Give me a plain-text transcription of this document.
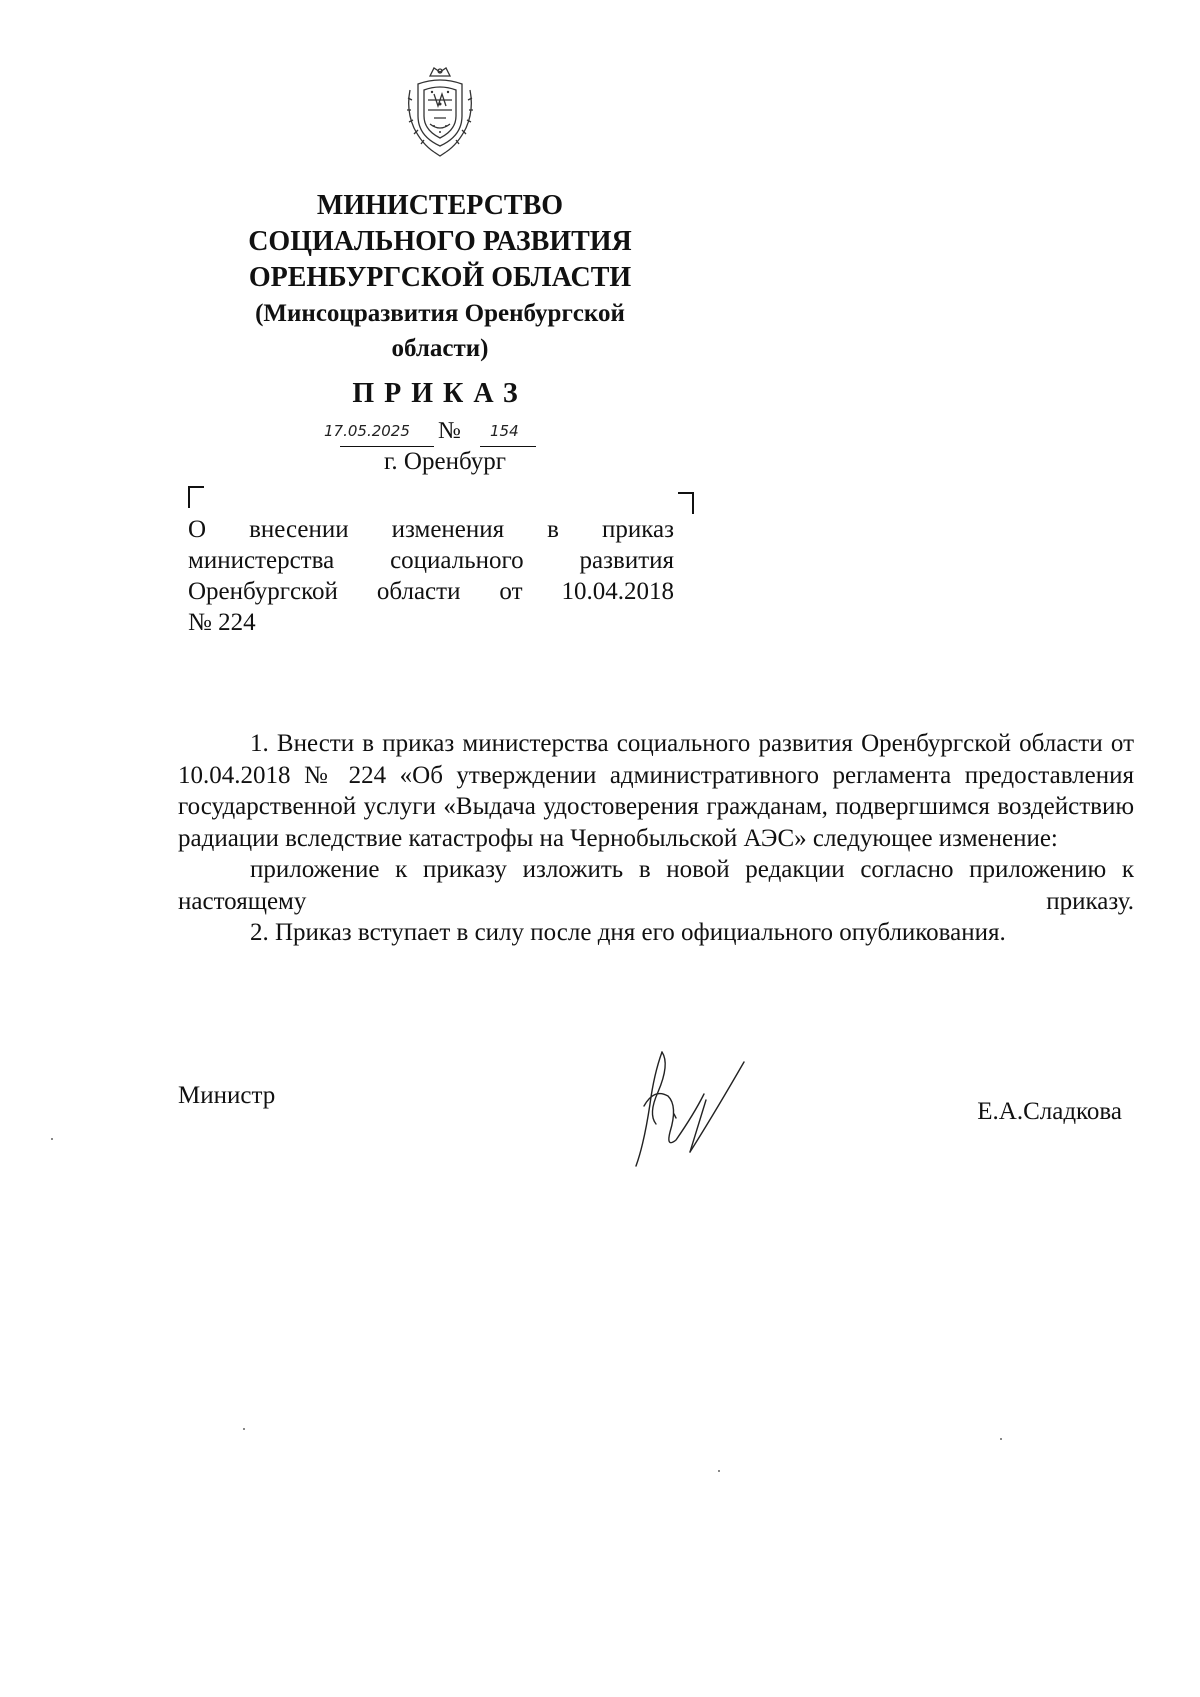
МИНИСТЕРСТВО
СОЦИАЛЬНОГО РАЗВИТИЯ
ОРЕНБУРГСКОЙ ОБЛАСТИ
(Минсоцразвития Оренбургской
области)
ПРИКАЗ
17.05.2025 № 154
г. Оренбург
О внесении изменения в приказ
министерства социального развития
Оренбургской области от 10.04.2018
№ 224

1. Внести в приказ министерства социального развития Оренбургской области от 10.04.2018 № 224 «Об утверждении административного регламента предоставления государственной услуги «Выдача удостоверения гражданам, подвергшимся воздействию радиации вследствие катастрофы на Чернобыльской АЭС» следующее изменение:

приложение к приказу изложить в новой редакции согласно приложению к настоящему приказу.

2. Приказ вступает в силу после дня его официального опубликования.

Министр
Е.А.Сладкова
